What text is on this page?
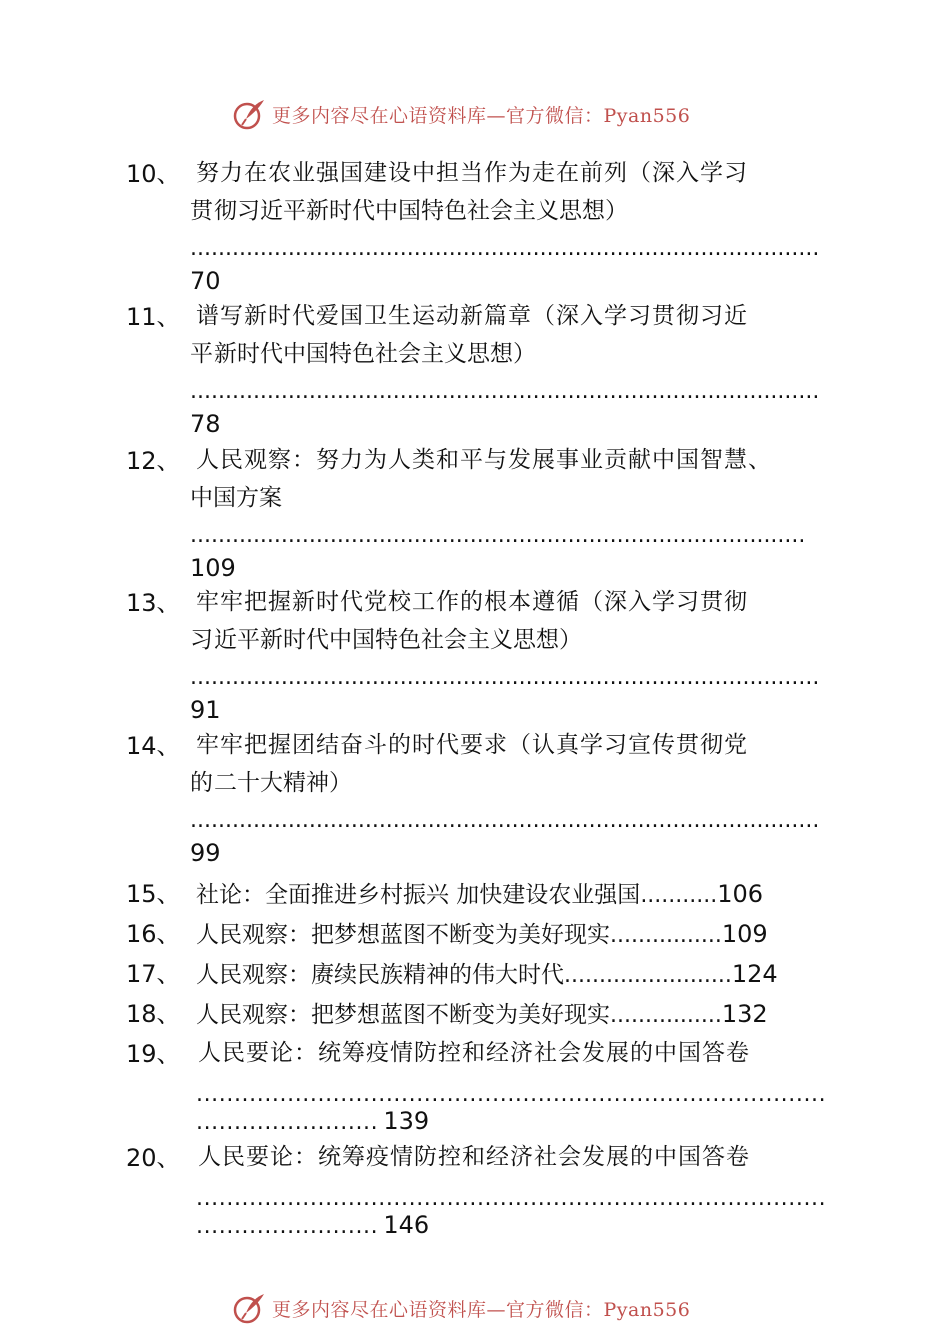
更多内容尽在心语资料库—官方微信：Pyan556
10、 努力在农业强国建设中担当作为走在前列（深入学习
贯彻习近平新时代中国特色社会主义思想）
..........................................................................................
70
11、 谱写新时代爱国卫生运动新篇章（深入学习贯彻习近
平新时代中国特色社会主义思想）
..........................................................................................
78
12、 人民观察：努力为人类和平与发展事业贡献中国智慧、
中国方案
........................................................................................
109
13、 牢牢把握新时代党校工作的根本遵循（深入学习贯彻
习近平新时代中国特色社会主义思想）
..........................................................................................
91
14、 牢牢把握团结奋斗的时代要求（认真学习宣传贯彻党
的二十大精神）
..........................................................................................
99
15、 社论：全面推进乡村振兴 加快建设农业强国...........106
16、 人民观察：把梦想蓝图不断变为美好现实................109
17、 人民观察：赓续民族精神的伟大时代........................124
18、 人民观察：把梦想蓝图不断变为美好现实................132
19、 人民要论：统筹疫情防控和经济社会发展的中国答卷
...................................................................................
........................ 139
20、 人民要论：统筹疫情防控和经济社会发展的中国答卷
...................................................................................
........................ 146
更多内容尽在心语资料库—官方微信：Pyan556
